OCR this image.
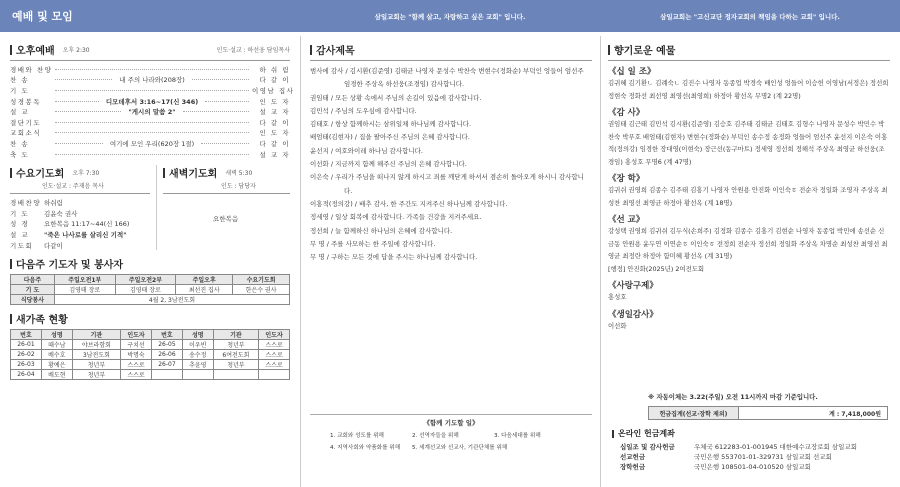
예배 및 모임	삼일교회는 "함께 살고, 자랑하고 싶은 교회" 입니다.	삼일교회는 "고신교단 정자교회의 책임을 다하는 교회" 입니다.
오후예배 오후 2:30	인도·설교 : 하선웅 담임목사
경배와 찬양	하 쉬 림
찬 송	내 주의 나라와(208장)	다 같 이
기 도	이영남 집사
성경봉독	디모데후서 3:16~17(신 346)	인 도 자
설 교	"게시의 말씀 2"	설 교 자
결단기도	다 같 이
교회소식	인 도 자
찬 송	여기에 모인 우리(620장 1절)	다 같 이
축 도	설 교 자
수요기도회 오후 7:30
인도·설교 : 주재음 목사
경배찬양 하쉬림
기 도	김윤숙 권사
성 경	요한복음 11:17~44(신 166)
설 교	"죽은 나사로를 살리신 기적"
기도회	다같이
새벽기도회 새벽 5:30
인도 : 담당자
요한복음
다음주 기도자 및 봉사자
다음주	주일오전1부	주일오전2부	주일오후	수요기도회
기 도	김영태 장로	김영태 장로	최선진 집사	한은수 권사
식당봉사	4월 2, 3남전도회			
새가족 현황
번호	성명	기관	인도자	번호	성명	기관	인도자
26-01	때수남	야브라함회	구치선	26-05	이우빈	청년부	스스로
26-02	배수호	3남전도회	박명숙	26-06	송수정	6여전도회	스스로
26-03	황예은	청년부	스스로	26-07	추윤영	청년부	스스로
26-04	배도현	청년부	스스로				
감사제목
범사에 감사 / 김시환(김준영) 김태균 나영자 문성수 박찬숙 변현수(정화순) 부덕인 엉들어 엄선주 임경한 주상옥 하선웅(조경임) 감사합니다.
권임태 / 모든 상황 속에서 주님의 손길이 있음에 감사합니다.
김민석 / 주님의 도우심에 감사합니다.
김태호 / 항상 함께하시는 삼위일체 하나님께 감사합니다.
배엄태(김현자) / 집을 팔아주신 주님의 은혜 감사합니다.
윤선지 / 여호와이레 하나님 감사합니다.
이선화 / 지금까지 함께 해주신 주님의 은혜 감사합니다.
이은숙 / 우리가 주님을 떠나지 않게 하시고 죄를 깨닫게 하셔서 겸손히 돌아오게 하시니 감사합니다.
이홍적(정의강) / 배추 감사, 한 주간도 지켜주신 하나님께 감사합니다.
정세영 / 일상 회복에 감사합니다. 가족들 건강을 지켜주세요.
정선희 / 늘 함께하신 하나님의 은혜에 감사합니다.
무 명 / 주를 사모하는 한 주일에 감사합니다.
무 명 / 구하는 모든 것에 답을 주시는 하나님께 감사합니다.
《함께 기도할 일》
1. 교회와 성도를 위해	2. 선역자들을 위해	3. 다음세대를 위해
4. 지역사회와 약품화를 위해	5. 세계선교와 선교사, 기관단체를 위해
향기로운 예물
《십 일 조》
김귀혜 김기환ㄴ 김례숙ㄴ 김진수 나영자 동종업 박경숙 배인성 엉들어 이승헌 이영남(서정은) 정선희 정현숙 정화선 최선영 최영선(최영희) 하정아 황선옥 무명2 (계 22명)
《감 사》
권임태 김근태 김민석 김시환(김준영) 김승호 김주태 김태균 김태호 김형수 나영자 문성수 박민수 박찬숙 박푸호 배엄태(김현자) 변현수(정화순) 부덕인 송수정 송정화 엉들어 엄선주 윤선지 이은숙 이홍적(정의강) 임경한 장대영(이현숙) 장근선(동구마트) 정세영 정선희 정해석 주상옥 최영균 하선웅(조경임) 홍성호 무명6 (계 47명)
《장 학》
김귀쉬 권영희 김종수 김주태 김홍기 나영자 안원용 안진화 이인숙ㅎ 전순자 정일화 조영자 주상옥 최성찬 최영선 최영균 하정아 황선옥 (계 18명)
《선 교》
강성택 권영희 김귀쉬 김두식(손희주) 김정화 김종수 김홍기 김현순 나영자 동종업 박민애 송선순 신금동 안원용 윤두연 이연순ㅎ 이인숙ㅎ 전정희 전순자 정선희 정일화 주상옥 차명순 최성찬 최영선 최영균 최정란 하정아 함미혜 황선옥 (계 31명)
[행정] 안진화(2025년) 2여전도회
《사랑구제》
홍성호
《생일감사》
이선화
※ 자동이체는 3.22(주일) 오전 11시까지 마감 기준입니다.
헌금집계(선교·장학 제외)	계 : 7,418,000원
온라인 헌금계좌
십일조 및 감사헌금	우체국 612283-01-001945 대한예수교장로회 삼일교회
선교헌금	국민은행 553701-01-329731 삼일교회 선교회
장학헌금	국민은행 108501-04-010520 삼일교회
